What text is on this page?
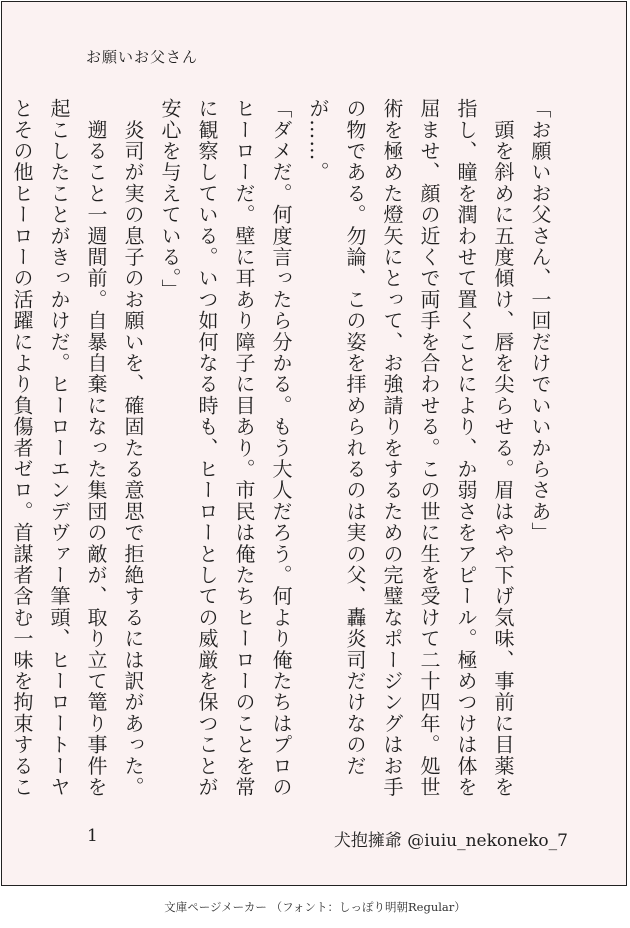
お願いお父さん

「お願いお父さん、一回だけでいいからさあ」

　頭を斜めに五度傾け、唇を尖らせる。眉はやや下げ気味、事前に目薬を指し、瞳を潤わせて置くことにより、か弱さをアピール。極めつけは体を屈ませ、顔の近くで両手を合わせる。この世に生を受けて二十四年。処世術を極めた燈矢にとって、お強請りをするための完璧なポージングはお手の物である。勿論、この姿を拝められるのは実の父、轟炎司だけなのだが……。

「ダメだ。何度言ったら分かる。もう大人だろう。何より俺たちはプロのヒーローだ。壁に耳あり障子に目あり。市民は俺たちヒーローのことを常に観察している。いつ如何なる時も、ヒーローとしての威厳を保つことが安心を与えている。」

　炎司が実の息子のお願いを、確固たる意思で拒絶するには訳があった。

　遡ること一週間前。自暴自棄になった集団の敵が、取り立て篭り事件を起こしたことがきっかけだ。ヒーローエンデヴァー筆頭、ヒーロートーヤとその他ヒーローの活躍により負傷者ゼロ。首謀者含む一味を拘束するこ

1	犬抱擁爺 @iuiu_nekoneko_7
文庫ページメーカー （フォント：しっぽり明朝Regular）
